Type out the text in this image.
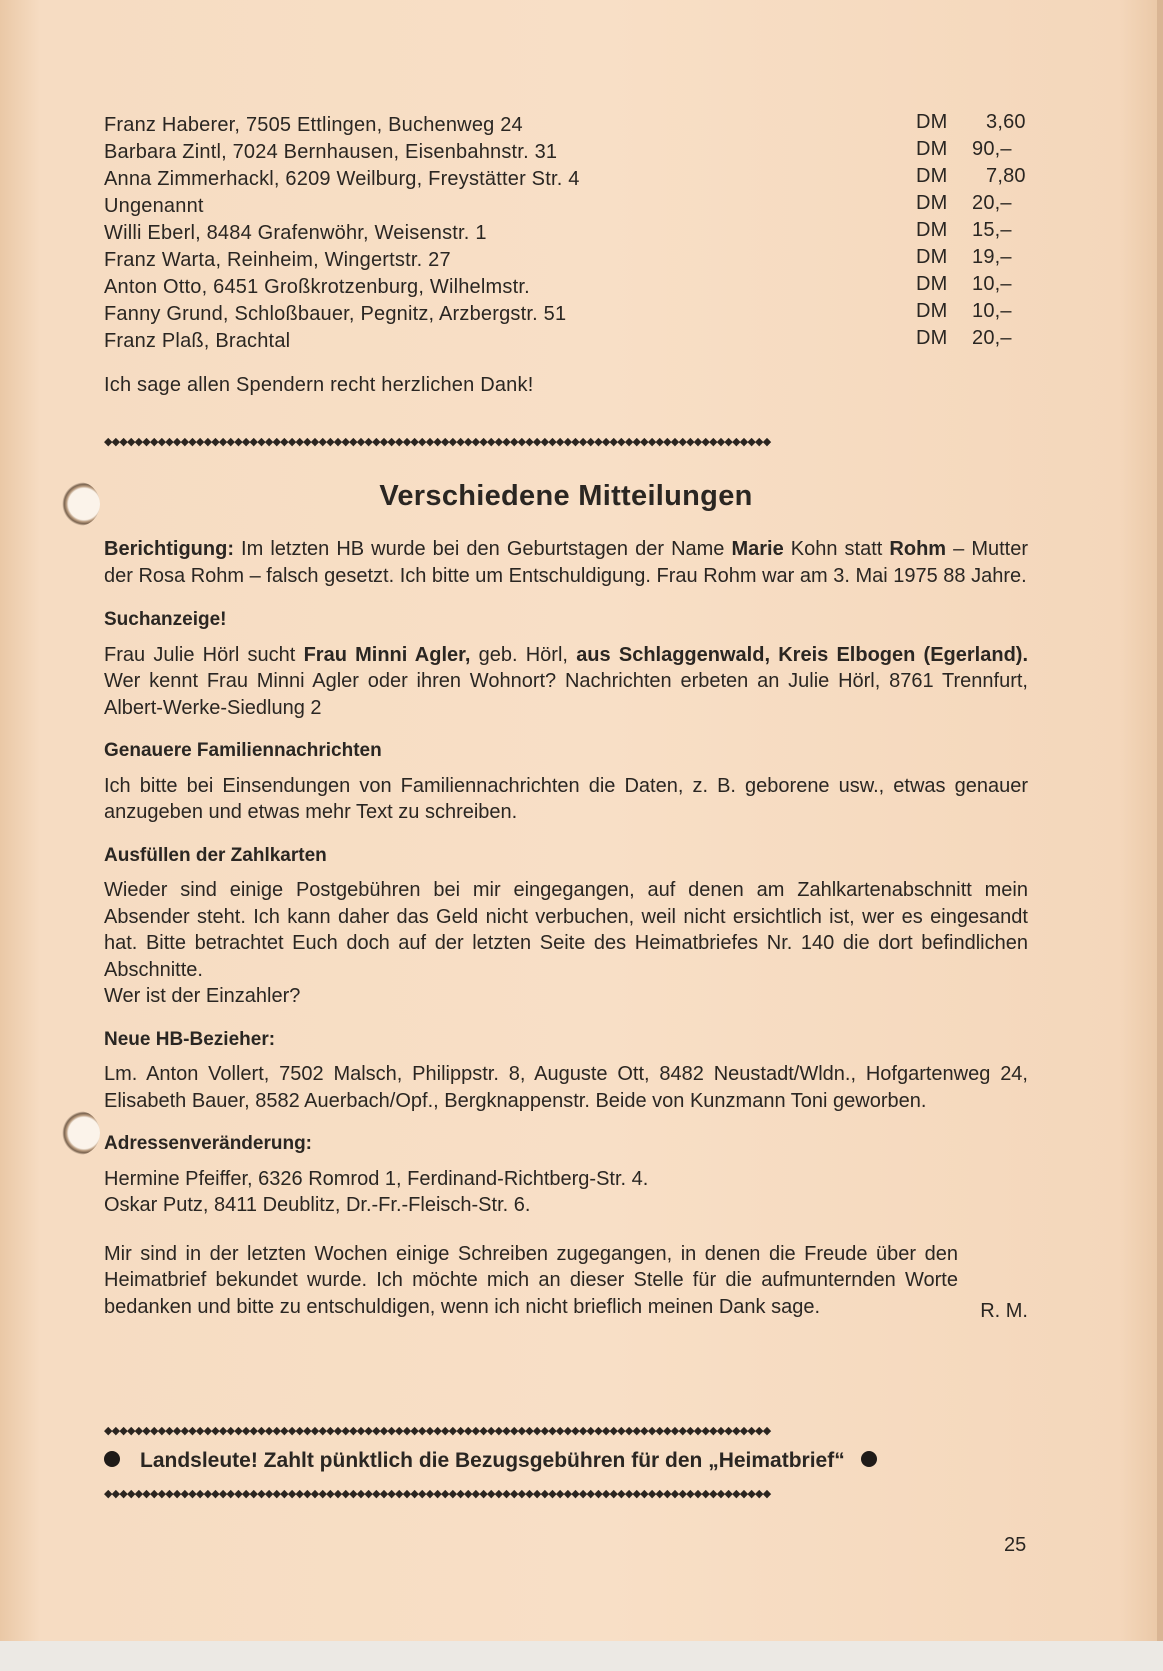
Franz Haberer, 7505 Ettlingen, Buchenweg 24	DM	3,60
Barbara Zintl, 7024 Bernhausen, Eisenbahnstr. 31	DM 90,–
Anna Zimmerhackl, 6209 Weilburg, Freystätter Str. 4	DM	7,80
Ungenannt	DM 20,–
Willi Eberl, 8484 Grafenwöhr, Weisenstr. 1	DM 15,–
Franz Warta, Reinheim, Wingertstr. 27	DM 19,–
Anton Otto, 6451 Großkrotzenburg, Wilhelmstr.	DM 10,–
Fanny Grund, Schloßbauer, Pegnitz, Arzbergstr. 51	DM 10,–
Franz Plaß, Brachtal	DM 20,–
Ich sage allen Spendern recht herzlichen Dank!
◆◆◆◆◆◆◆◆◆◆◆◆◆◆◆◆◆◆◆◆◆◆◆◆◆◆◆◆◆◆◆◆◆◆◆◆◆◆◆◆◆◆◆◆◆◆◆◆◆◆◆◆◆◆◆◆◆◆◆◆◆◆◆◆◆◆◆◆◆◆◆◆◆◆◆◆◆◆◆◆◆◆◆◆◆◆◆
Verschiedene Mitteilungen

Berichtigung: Im letzten HB wurde bei den Geburtstagen der Name Marie Kohn statt Rohm – Mutter der Rosa Rohm – falsch gesetzt. Ich bitte um Entschuldigung. Frau Rohm war am 3. Mai 1975 88 Jahre.

Suchanzeige!

Frau Julie Hörl sucht Frau Minni Agler, geb. Hörl, aus Schlaggenwald, Kreis Elbogen (Egerland). Wer kennt Frau Minni Agler oder ihren Wohnort? Nachrichten erbeten an Julie Hörl, 8761 Trennfurt, Albert-Werke-Siedlung 2

Genauere Familiennachrichten

Ich bitte bei Einsendungen von Familiennachrichten die Daten, z. B. geborene usw., etwas genauer anzugeben und etwas mehr Text zu schreiben.

Ausfüllen der Zahlkarten

Wieder sind einige Postgebühren bei mir eingegangen, auf denen am Zahlkartenabschnitt mein Absender steht. Ich kann daher das Geld nicht verbuchen, weil nicht ersichtlich ist, wer es eingesandt hat. Bitte betrachtet Euch doch auf der letzten Seite des Heimatbriefes Nr. 140 die dort befindlichen Abschnitte.

Wer ist der Einzahler?

Neue HB-Bezieher:

Lm. Anton Vollert, 7502 Malsch, Philippstr. 8, Auguste Ott, 8482 Neustadt/Wldn., Hofgartenweg 24, Elisabeth Bauer, 8582 Auerbach/Opf., Bergknappenstr. Beide von Kunzmann Toni geworben.

Adressenveränderung:

Hermine Pfeiffer, 6326 Romrod 1, Ferdinand-Richtberg-Str. 4.

Oskar Putz, 8411 Deublitz, Dr.-Fr.-Fleisch-Str. 6.

Mir sind in der letzten Wochen einige Schreiben zugegangen, in denen die Freude über den Heimatbrief bekundet wurde. Ich möchte mich an dieser Stelle für die aufmunternden Worte bedanken und bitte zu entschuldigen, wenn ich nicht brieflich meinen Dank sage.	R. M.
◆◆◆◆◆◆◆◆◆◆◆◆◆◆◆◆◆◆◆◆◆◆◆◆◆◆◆◆◆◆◆◆◆◆◆◆◆◆◆◆◆◆◆◆◆◆◆◆◆◆◆◆◆◆◆◆◆◆◆◆◆◆◆◆◆◆◆◆◆◆◆◆◆◆◆◆◆◆◆◆◆◆◆◆◆◆◆
Landsleute! Zahlt pünktlich die Bezugsgebühren für den „Heimatbrief“
◆◆◆◆◆◆◆◆◆◆◆◆◆◆◆◆◆◆◆◆◆◆◆◆◆◆◆◆◆◆◆◆◆◆◆◆◆◆◆◆◆◆◆◆◆◆◆◆◆◆◆◆◆◆◆◆◆◆◆◆◆◆◆◆◆◆◆◆◆◆◆◆◆◆◆◆◆◆◆◆◆◆◆◆◆◆◆
25
